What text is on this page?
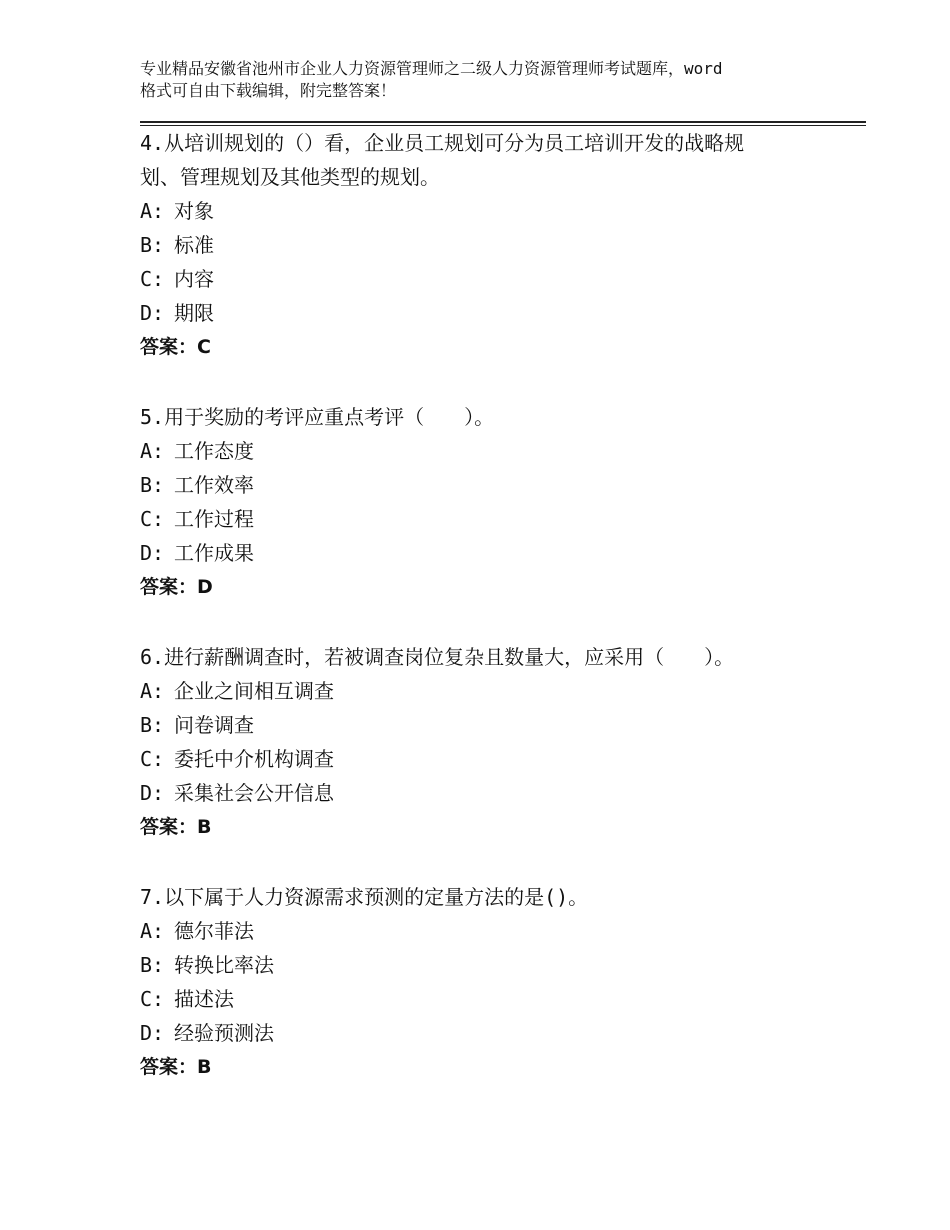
专业精品安徽省池州市企业人力资源管理师之二级人力资源管理师考试题库，word
格式可自由下载编辑，附完整答案！
4.从培训规划的（）看，企业员工规划可分为员工培训开发的战略规
划、管理规划及其他类型的规划。
A: 对象
B: 标准
C: 内容
D: 期限
答案：C
5.用于奖励的考评应重点考评（　　）。
A: 工作态度
B: 工作效率
C: 工作过程
D: 工作成果
答案：D
6.进行薪酬调查时，若被调查岗位复杂且数量大，应采用（　　）。
A: 企业之间相互调查
B: 问卷调查
C: 委托中介机构调查
D: 采集社会公开信息
答案：B
7.以下属于人力资源需求预测的定量方法的是()。
A: 德尔菲法
B: 转换比率法
C: 描述法
D: 经验预测法
答案：B
